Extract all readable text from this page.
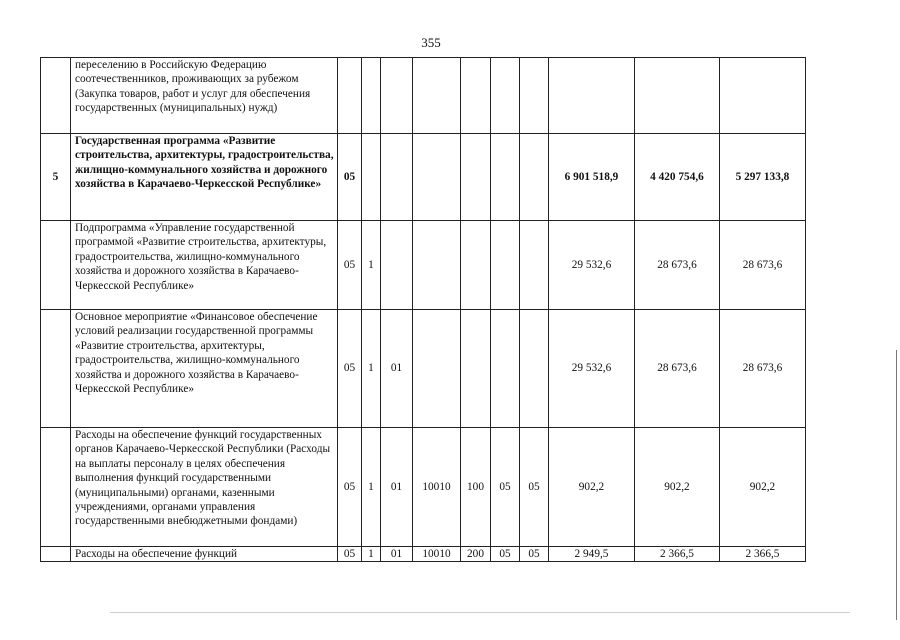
355
	переселению в Российскую Федерацию соотечественников, проживающих за рубежом (Закупка товаров, работ и услуг для обеспечения государственных (муниципальных) нужд)										
5	Государственная программа «Развитие строительства, архитектуры, градостроительства, жилищно-коммунального хозяйства и дорожного хозяйства в Карачаево-Черкесской Республике»	05							6 901 518,9	4 420 754,6	5 297 133,8
	Подпрограмма «Управление государственной программой «Развитие строительства, архитектуры, градостроительства, жилищно-коммунального хозяйства и дорожного хозяйства в Карачаево-Черкесской Республике»	05	1						29 532,6	28 673,6	28 673,6
	Основное мероприятие «Финансовое обеспечение условий реализации государственной программы «Развитие строительства, архитектуры, градостроительства, жилищно-коммунального хозяйства и дорожного хозяйства в Карачаево-Черкесской Республике»	05	1	01					29 532,6	28 673,6	28 673,6
	Расходы на обеспечение функций государственных органов Карачаево-Черкесской Республики (Расходы на выплаты персоналу в целях обеспечения выполнения функций государственными (муниципальными) органами, казенными учреждениями, органами управления государственными внебюджетными фондами)	05	1	01	10010	100	05	05	902,2	902,2	902,2
	Расходы на обеспечение функций	05	1	01	10010	200	05	05	2 949,5	2 366,5	2 366,5
